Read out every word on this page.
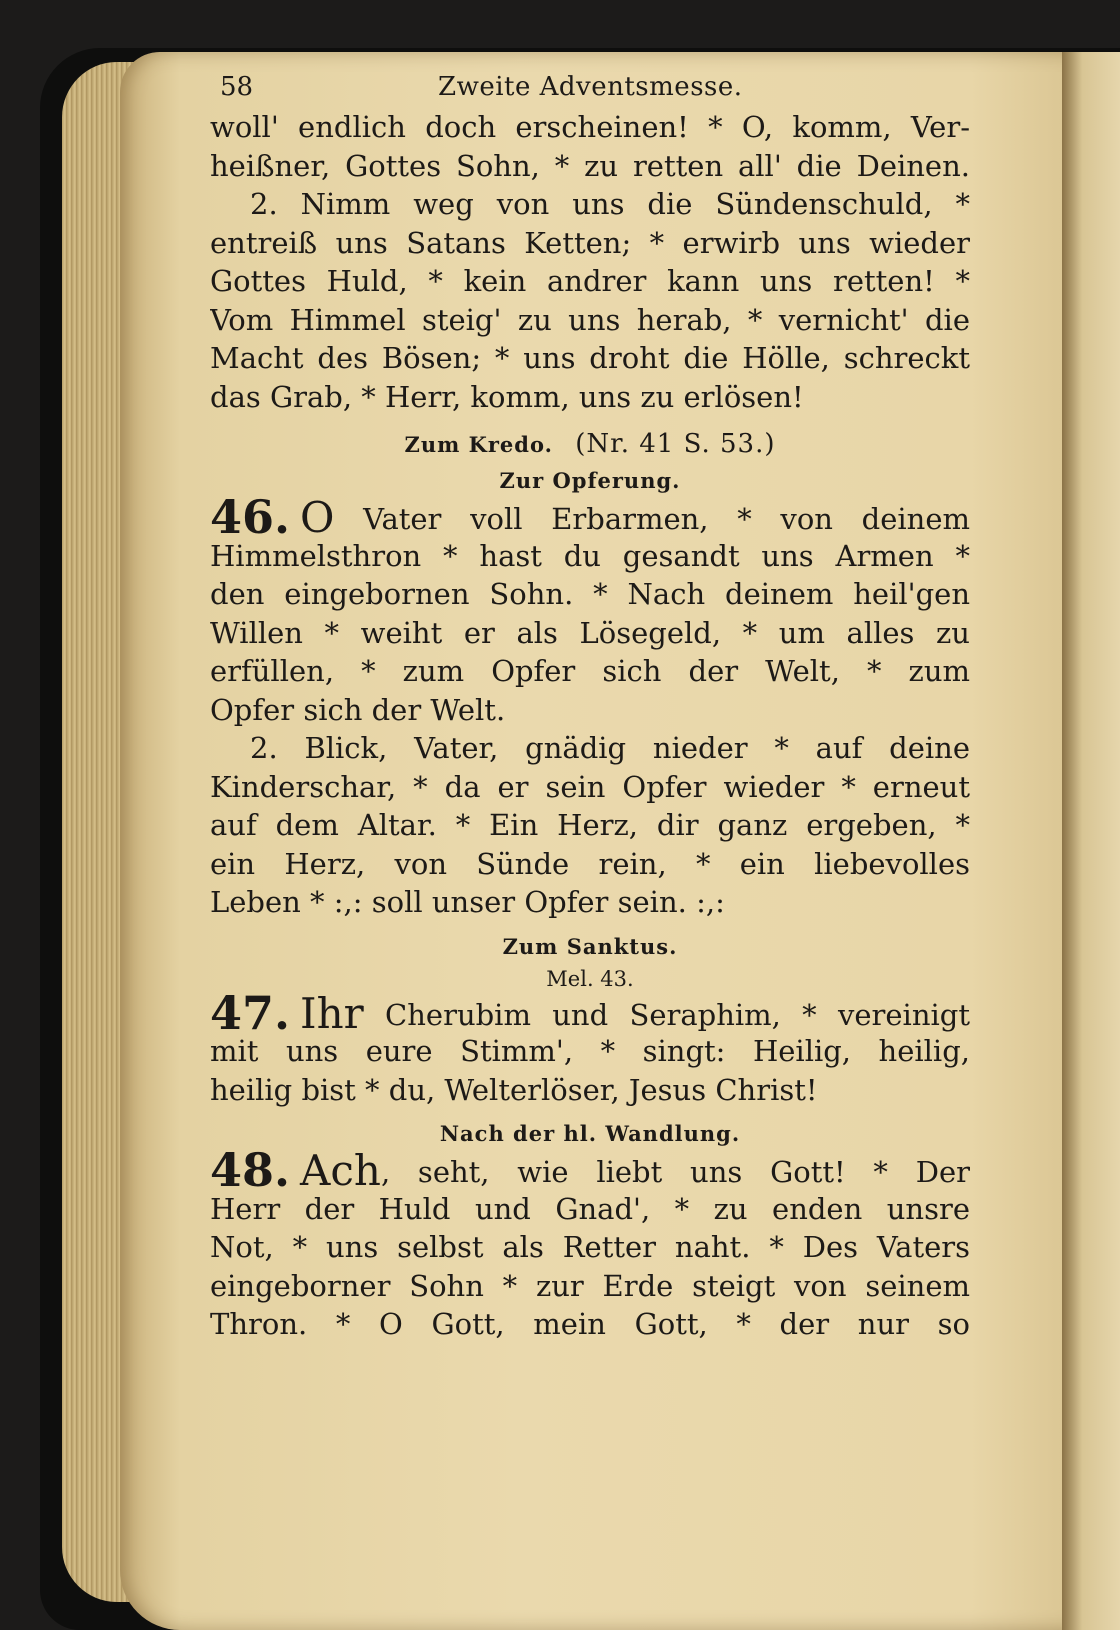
58	Zweite Adventsmesse.
woll' endlich doch erscheinen! * O, komm, Ver-
heißner, Gottes Sohn, * zu retten all' die Deinen.
2. Nimm weg von uns die Sündenschuld, *
entreiß uns Satans Ketten; * erwirb uns wieder
Gottes Huld, * kein andrer kann uns retten! *
Vom Himmel steig' zu uns herab, * vernicht' die
Macht des Bösen; * uns droht die Hölle, schreckt
das Grab, * Herr, komm, uns zu erlösen!
Zum Kredo. (Nr. 41 S. 53.)
Zur Opferung.
46. O Vater voll Erbarmen, * von deinem
Himmelsthron * hast du gesandt uns Armen *
den eingebornen Sohn. * Nach deinem heil'gen
Willen * weiht er als Lösegeld, * um alles zu
erfüllen, * zum Opfer sich der Welt, * zum
Opfer sich der Welt.
2. Blick, Vater, gnädig nieder * auf deine
Kinderschar, * da er sein Opfer wieder * erneut
auf dem Altar. * Ein Herz, dir ganz ergeben, *
ein Herz, von Sünde rein, * ein liebevolles
Leben * :,: soll unser Opfer sein. :,:
Zum Sanktus.
Mel. 43.
47. Ihr Cherubim und Seraphim, * vereinigt
mit uns eure Stimm', * singt: Heilig, heilig,
heilig bist * du, Welterlöser, Jesus Christ!
Nach der hl. Wandlung.
48. Ach, seht, wie liebt uns Gott! * Der
Herr der Huld und Gnad', * zu enden unsre
Not, * uns selbst als Retter naht. * Des Vaters
eingeborner Sohn * zur Erde steigt von seinem
Thron. * O Gott, mein Gott, * der nur so
